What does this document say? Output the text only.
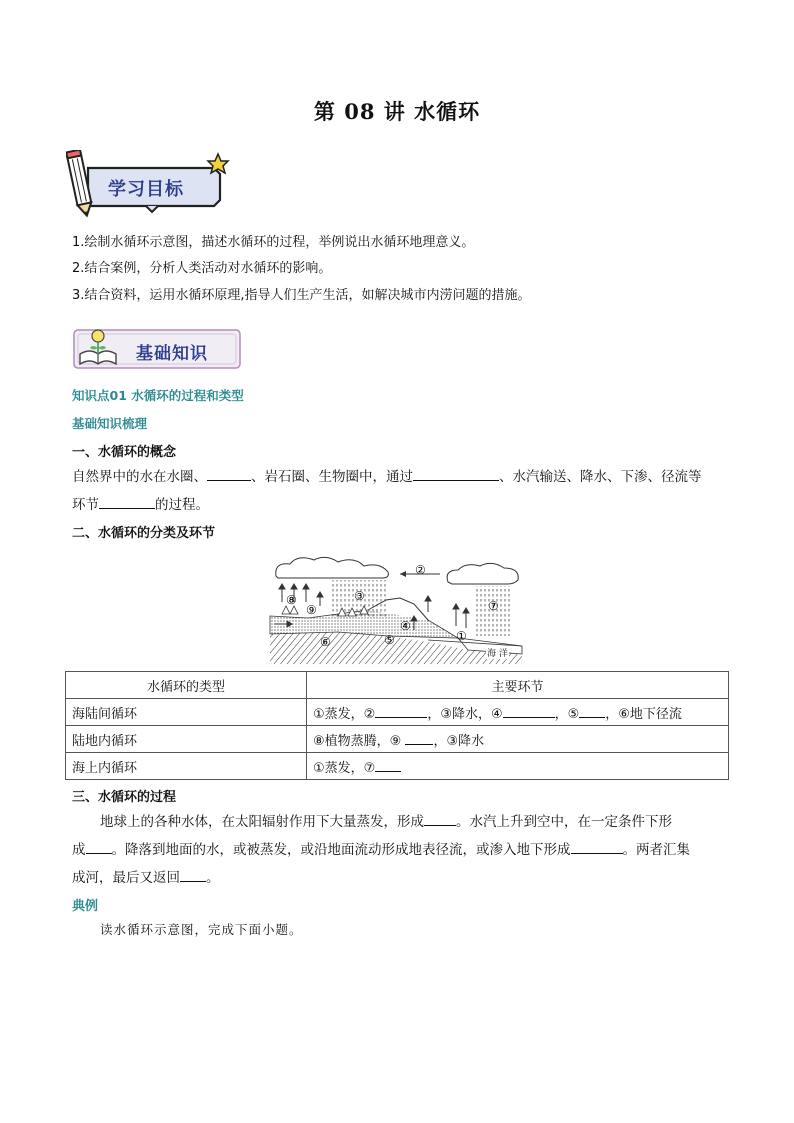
第 08 讲 水循环
学习目标
1.绘制水循环示意图，描述水循环的过程，举例说出水循环地理意义。
2.结合案例，分析人类活动对水循环的影响。
3.结合资料，运用水循环原理,指导人们生产生活，如解决城市内涝问题的措施。
基础知识
知识点01 水循环的过程和类型
基础知识梳理
一、水循环的概念
自然界中的水在水圈、	、岩石圈、生物圈中，通过	、水汽输送、降水、下渗、径流等
环节	的过程。
二、水循环的分类及环节
②
③
④
⑤
⑥
⑦
⑧
⑨
①
海 洋
水循环的类型	主要环节
海陆间循环	①蒸发，② ，③降水，④ ，⑤ ，⑥地下径流
陆地内循环	⑧植物蒸腾，⑨ ，③降水
海上内循环	①蒸发，⑦
三、水循环的过程
地球上的各种水体，在太阳辐射作用下大量蒸发，形成 。水汽上升到空中，在一定条件下形
成 。降落到地面的水，或被蒸发，或沿地面流动形成地表径流，或渗入地下形成	。两者汇集
成河，最后又返回 。
典例
读水循环示意图，完成下面小题。
